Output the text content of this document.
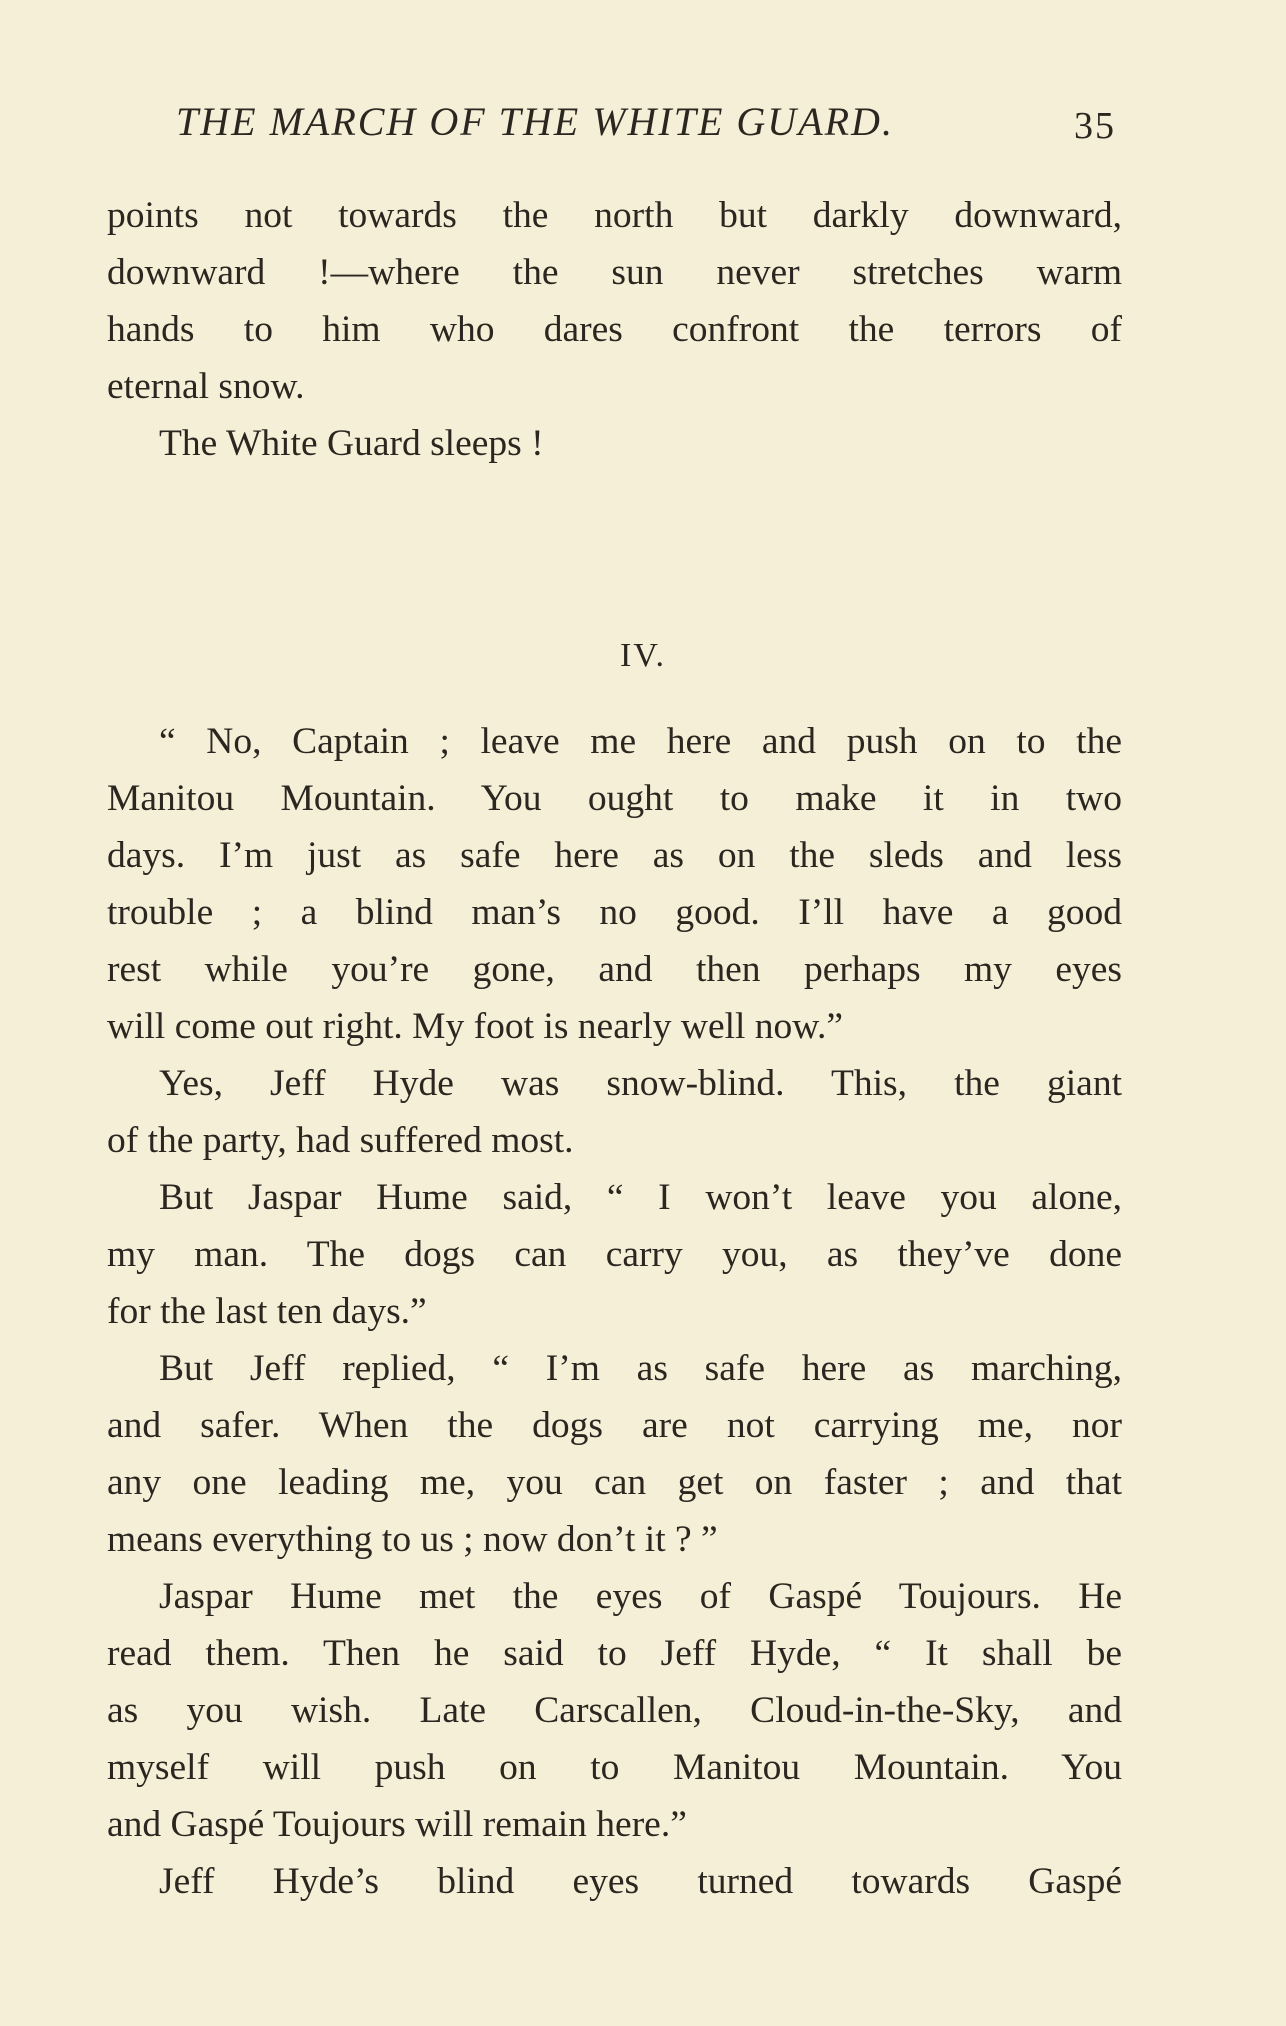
THE MARCH OF THE WHITE GUARD.	35
points not towards the north but darkly downward,
downward !—where the sun never stretches warm
hands to him who dares confront the terrors of
eternal snow.
The White Guard sleeps !
IV.
“ No, Captain ; leave me here and push on to the
Manitou Mountain. You ought to make it in two
days. I’m just as safe here as on the sleds and less
trouble ; a blind man’s no good. I’ll have a good
rest while you’re gone, and then perhaps my eyes
will come out right. My foot is nearly well now.”
Yes, Jeff Hyde was snow-blind. This, the giant
of the party, had suffered most.
But Jaspar Hume said, “ I won’t leave you alone,
my man. The dogs can carry you, as they’ve done
for the last ten days.”
But Jeff replied, “ I’m as safe here as marching,
and safer. When the dogs are not carrying me, nor
any one leading me, you can get on faster ; and that
means everything to us ; now don’t it ? ”
Jaspar Hume met the eyes of Gaspé Toujours. He
read them. Then he said to Jeff Hyde, “ It shall be
as you wish. Late Carscallen, Cloud-in-the-Sky, and
myself will push on to Manitou Mountain. You
and Gaspé Toujours will remain here.”
Jeff Hyde’s blind eyes turned towards Gaspé
